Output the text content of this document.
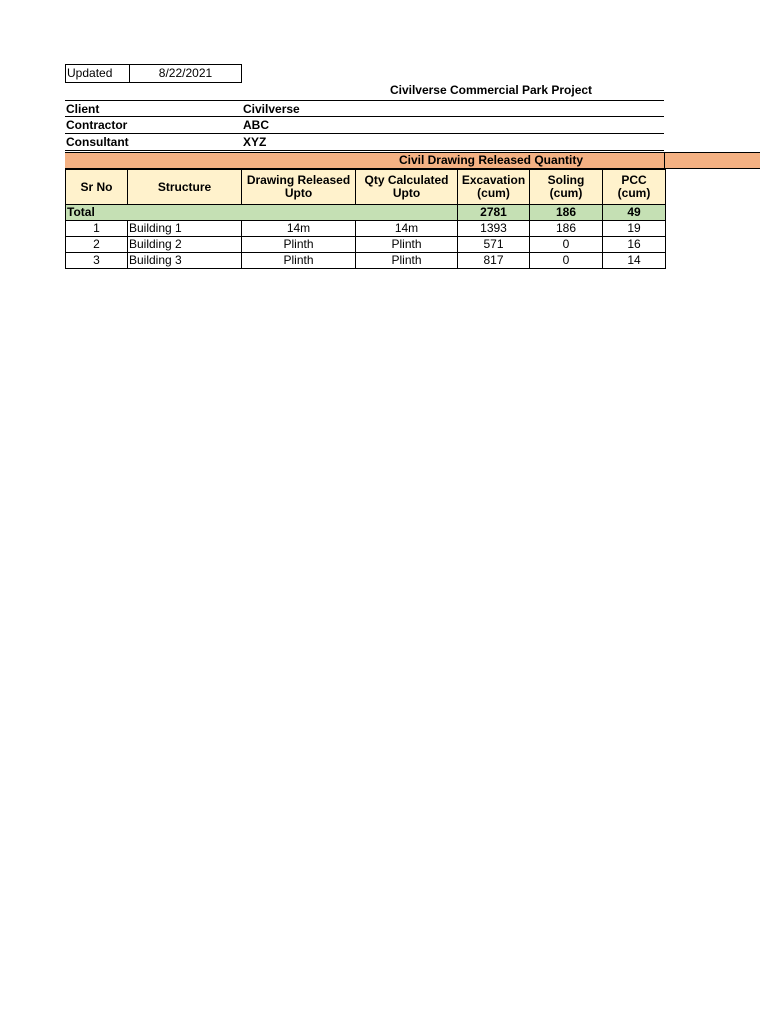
Updated	8/22/2021
Civilverse Commercial Park Project
Client	Civilverse
Contractor	ABC
Consultant	XYZ
Civil Drawing Released Quantity
Sr No	Structure	Drawing Released Upto	Qty Calculated Upto	Excavation (cum)	Soling (cum)	PCC (cum)
Total				2781	186	49
1	Building 1	14m	14m	1393	186	19
2	Building 2	Plinth	Plinth	571	0	16
3	Building 3	Plinth	Plinth	817	0	14
